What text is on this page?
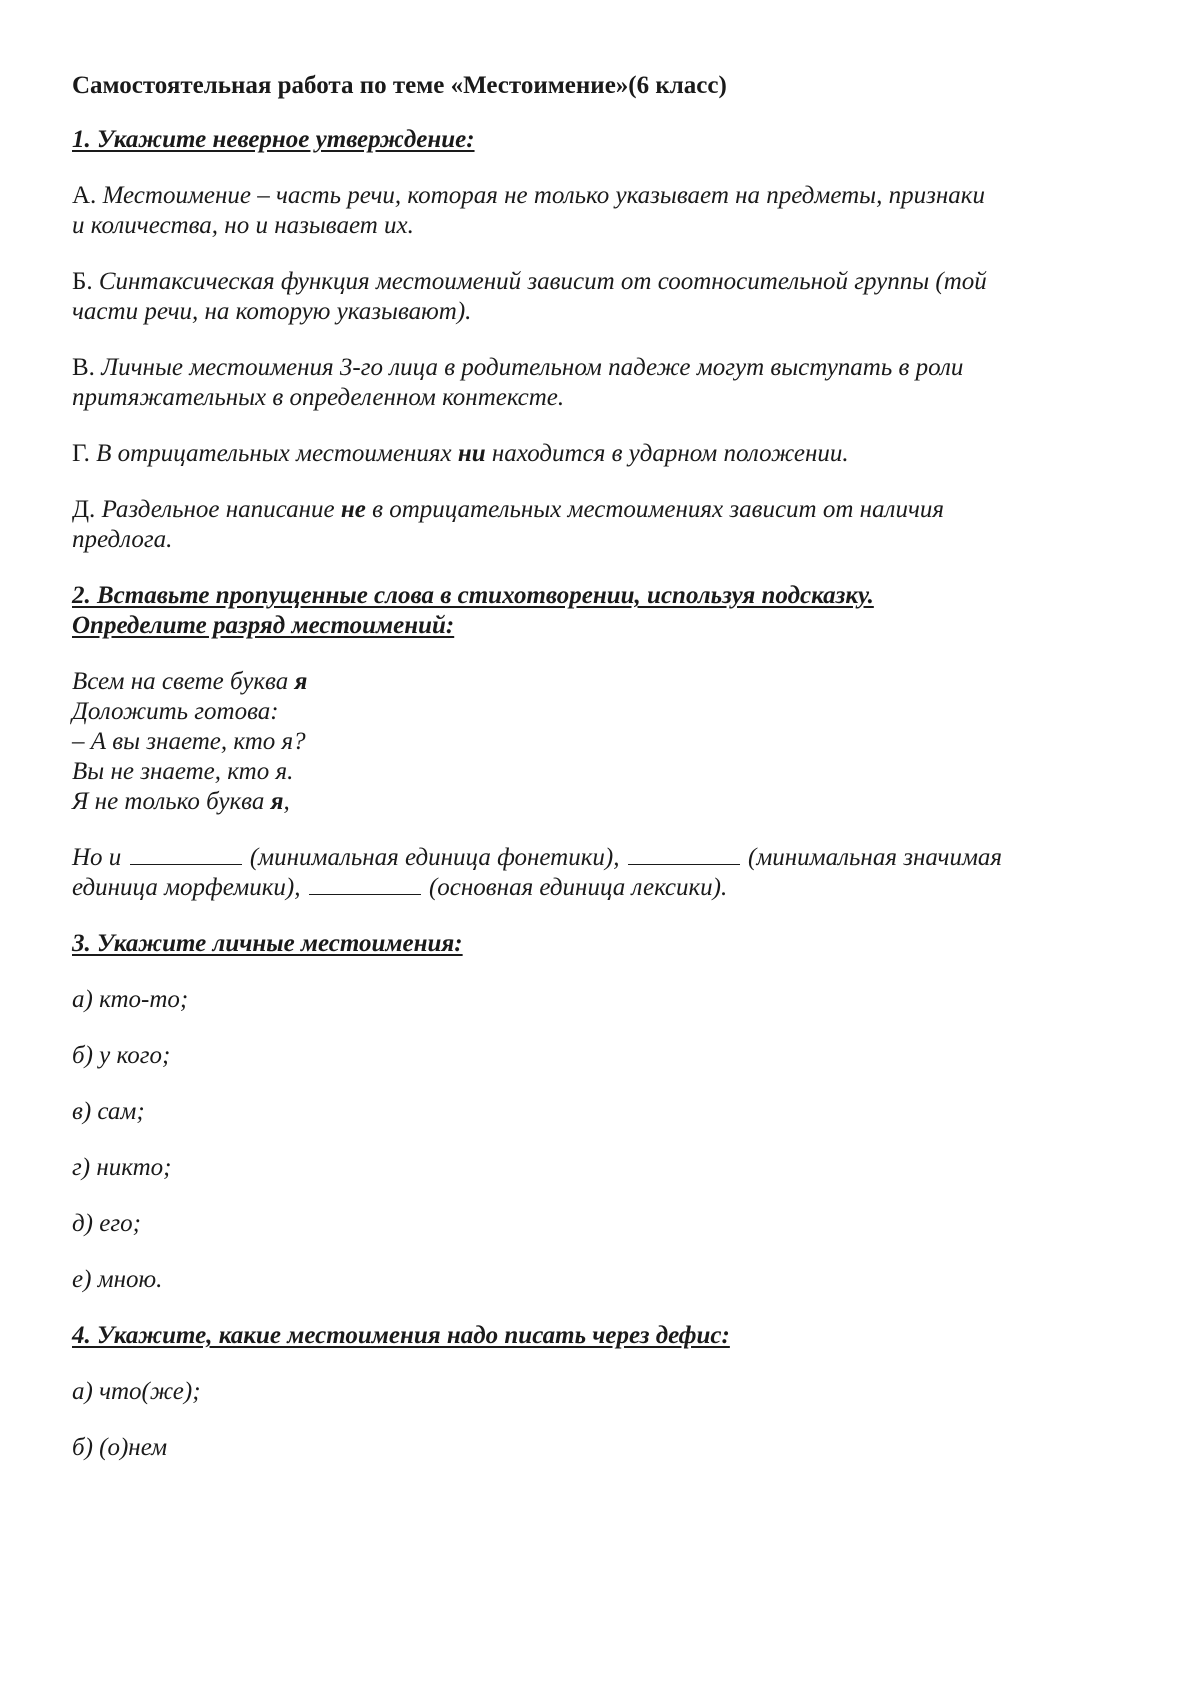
Самостоятельная работа по теме «Местоимение»(6 класс)
1. Укажите неверное утверждение:
А. Местоимение – часть речи, которая не только указывает на предметы, признаки
и количества, но и называет их.
Б. Синтаксическая функция местоимений зависит от соотносительной группы (той
части речи, на которую указывают).
В. Личные местоимения 3-го лица в родительном падеже могут выступать в роли
притяжательных в определенном контексте.
Г. В отрицательных местоимениях ни находится в ударном положении.
Д. Раздельное написание не в отрицательных местоимениях зависит от наличия
предлога.
2. Вставьте пропущенные слова в стихотворении, используя подсказку.
Определите разряд местоимений:
Всем на свете буква я
Доложить готова:
– А вы знаете, кто я?
Вы не знаете, кто я.
Я не только буква я,
Но и	(минимальная единица фонетики),	(минимальная значимая
единица морфемики),	(основная единица лексики).
3. Укажите личные местоимения:
а) кто-то;
б) у кого;
в) сам;
г) никто;
д) его;
е) мною.
4. Укажите, какие местоимения надо писать через дефис:
а) что(же);
б) (о)нем
